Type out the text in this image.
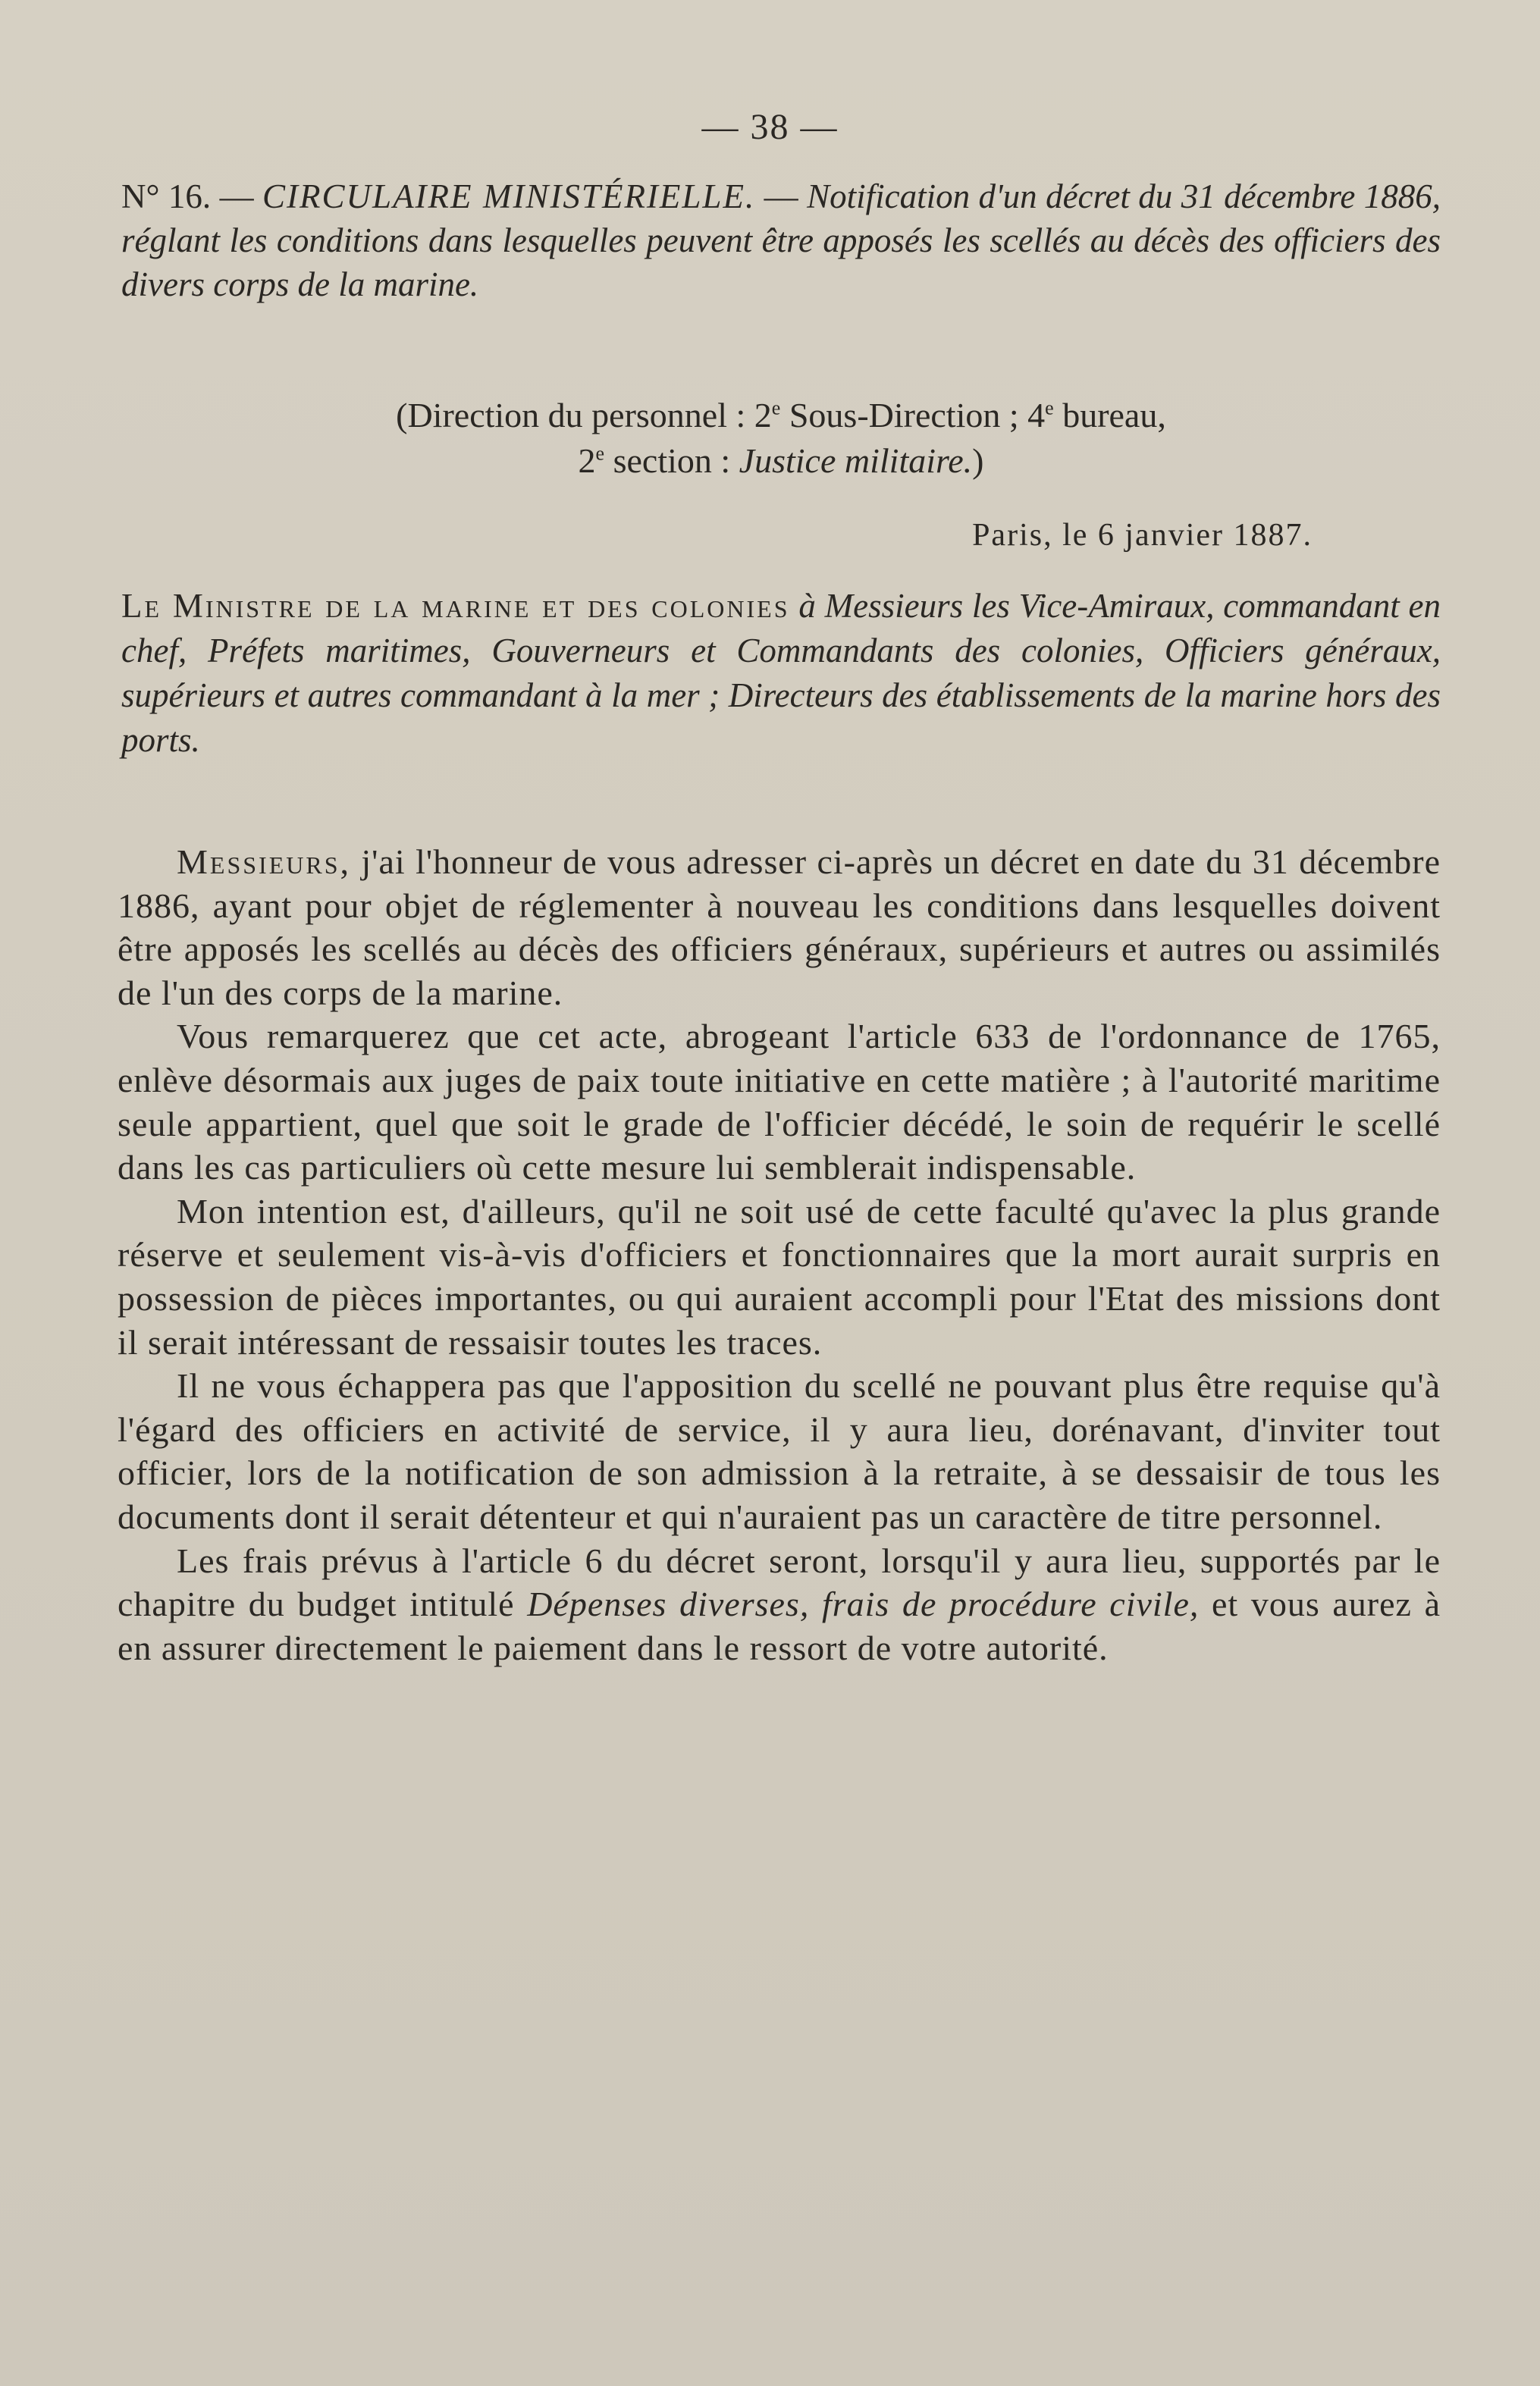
— 38 —
N° 16. — CIRCULAIRE MINISTÉRIELLE. — Notification d'un décret du 31 décembre 1886, réglant les conditions dans lesquelles peuvent être apposés les scellés au décès des officiers des divers corps de la marine.
(Direction du personnel : 2e Sous-Direction ; 4e bureau,
2e section : Justice militaire.)
Paris, le 6 janvier 1887.
Le Ministre de la marine et des colonies à Messieurs les Vice-Amiraux, commandant en chef, Préfets maritimes, Gouverneurs et Commandants des colonies, Officiers généraux, supérieurs et autres commandant à la mer ; Directeurs des établissements de la marine hors des ports.

Messieurs, j'ai l'honneur de vous adresser ci-après un décret en date du 31 décembre 1886, ayant pour objet de réglementer à nouveau les conditions dans lesquelles doivent être apposés les scellés au décès des officiers généraux, supérieurs et autres ou assimilés de l'un des corps de la marine.

Vous remarquerez que cet acte, abrogeant l'article 633 de l'ordonnance de 1765, enlève désormais aux juges de paix toute initiative en cette matière ; à l'autorité maritime seule appartient, quel que soit le grade de l'officier décédé, le soin de requérir le scellé dans les cas particuliers où cette mesure lui semblerait indispensable.

Mon intention est, d'ailleurs, qu'il ne soit usé de cette faculté qu'avec la plus grande réserve et seulement vis-à-vis d'officiers et fonctionnaires que la mort aurait surpris en possession de pièces importantes, ou qui auraient accompli pour l'Etat des missions dont il serait intéressant de ressaisir toutes les traces.

Il ne vous échappera pas que l'apposition du scellé ne pouvant plus être requise qu'à l'égard des officiers en activité de service, il y aura lieu, dorénavant, d'inviter tout officier, lors de la notification de son admission à la retraite, à se dessaisir de tous les documents dont il serait détenteur et qui n'auraient pas un caractère de titre personnel.

Les frais prévus à l'article 6 du décret seront, lorsqu'il y aura lieu, supportés par le chapitre du budget intitulé Dépenses diverses, frais de procédure civile, et vous aurez à en assurer directement le paiement dans le ressort de votre autorité.
